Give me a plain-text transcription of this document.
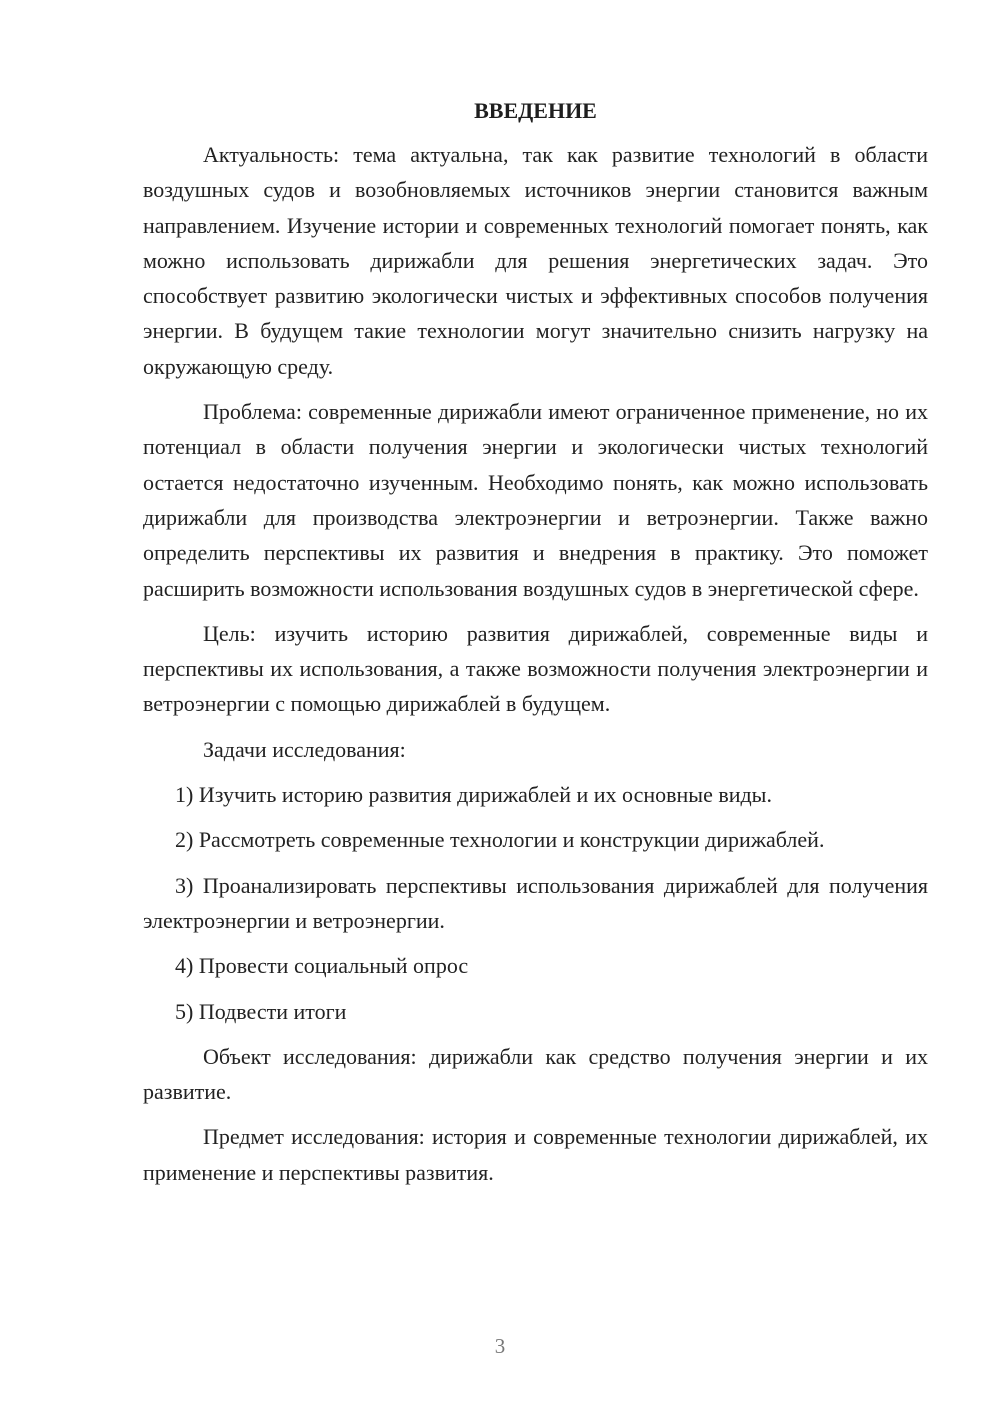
ВВЕДЕНИЕ

Актуальность: тема актуальна, так как развитие технологий в области воздушных судов и возобновляемых источников энергии становится важным направлением. Изучение истории и современных технологий помогает понять, как можно использовать дирижабли для решения энергетических задач. Это способствует развитию экологически чистых и эффективных способов получения энергии. В будущем такие технологии могут значительно снизить нагрузку на окружающую среду.

Проблема: современные дирижабли имеют ограниченное применение, но их потенциал в области получения энергии и экологически чистых технологий остается недостаточно изученным. Необходимо понять, как можно использовать дирижабли для производства электроэнергии и ветроэнергии. Также важно определить перспективы их развития и внедрения в практику. Это поможет расширить возможности использования воздушных судов в энергетической сфере.

Цель: изучить историю развития дирижаблей, современные виды и перспективы их использования, а также возможности получения электроэнергии и ветроэнергии с помощью дирижаблей в будущем.

Задачи исследования:

1) Изучить историю развития дирижаблей и их основные виды.

2) Рассмотреть современные технологии и конструкции дирижаблей.

3) Проанализировать перспективы использования дирижаблей для получения электроэнергии и ветроэнергии.

4) Провести социальный опрос

5) Подвести итоги

Объект исследования: дирижабли как средство получения энергии и их развитие.

Предмет исследования: история и современные технологии дирижаблей, их применение и перспективы развития.

3
